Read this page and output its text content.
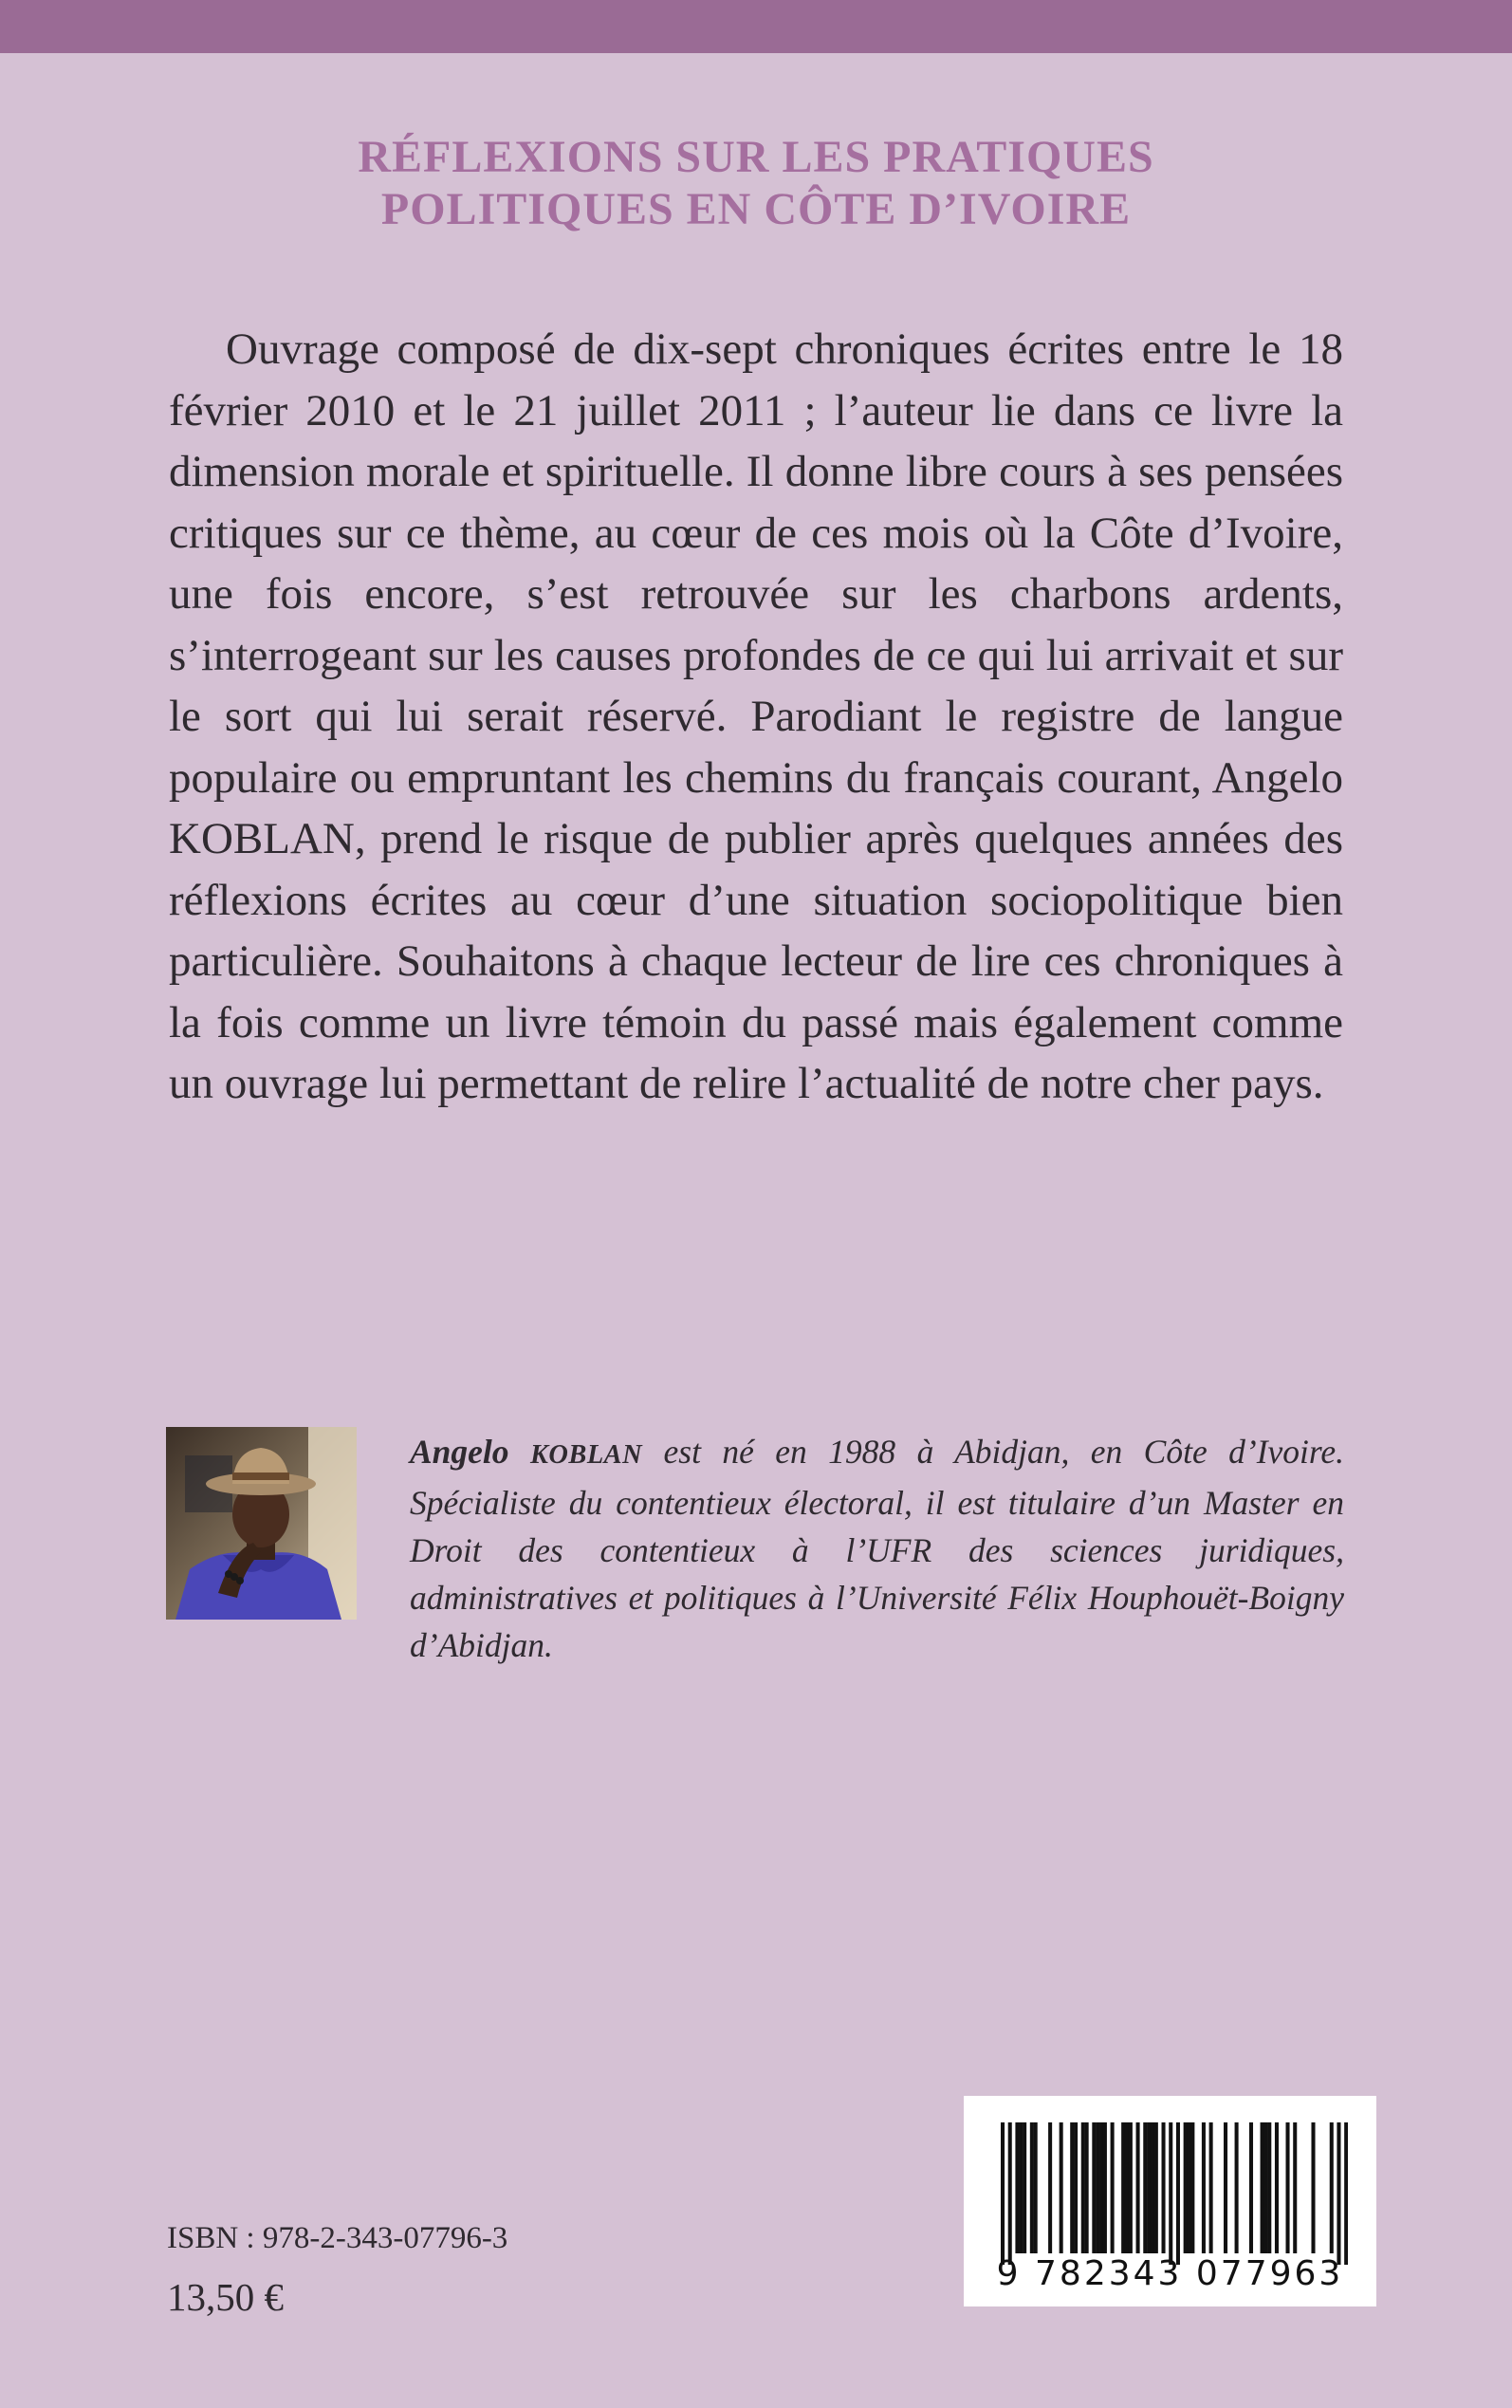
RÉFLEXIONS SUR LES PRATIQUES
POLITIQUES EN CÔTE D’IVOIRE

Ouvrage composé de dix-sept chroniques écrites entre le 18 février 2010 et le 21 juillet 2011 ; l’auteur lie dans ce livre la dimension morale et spirituelle. Il donne libre cours à ses pensées critiques sur ce thème, au cœur de ces mois où la Côte d’Ivoire, une fois encore, s’est retrouvée sur les charbons ardents, s’interrogeant sur les causes profondes de ce qui lui arrivait et sur le sort qui lui serait réservé. Parodiant le registre de langue populaire ou empruntant les chemins du français courant, Angelo KOBLAN, prend le risque de publier après quelques années des réflexions écrites au cœur d’une situation sociopolitique bien particulière. Souhaitons à chaque lecteur de lire ces chroniques à la fois comme un livre témoin du passé mais également comme un ouvrage lui permettant de relire l’actualité de notre cher pays.

Angelo KOBLAN est né en 1988 à Abidjan, en Côte d’Ivoire. Spécialiste du contentieux électoral, il est titulaire d’un Master en Droit des contentieux à l’UFR des sciences juridiques, administratives et politiques à l’Université Félix Houphouët-Boigny d’Abidjan.

ISBN : 978-2-343-07796-3
13,50 €
9 782343 077963
